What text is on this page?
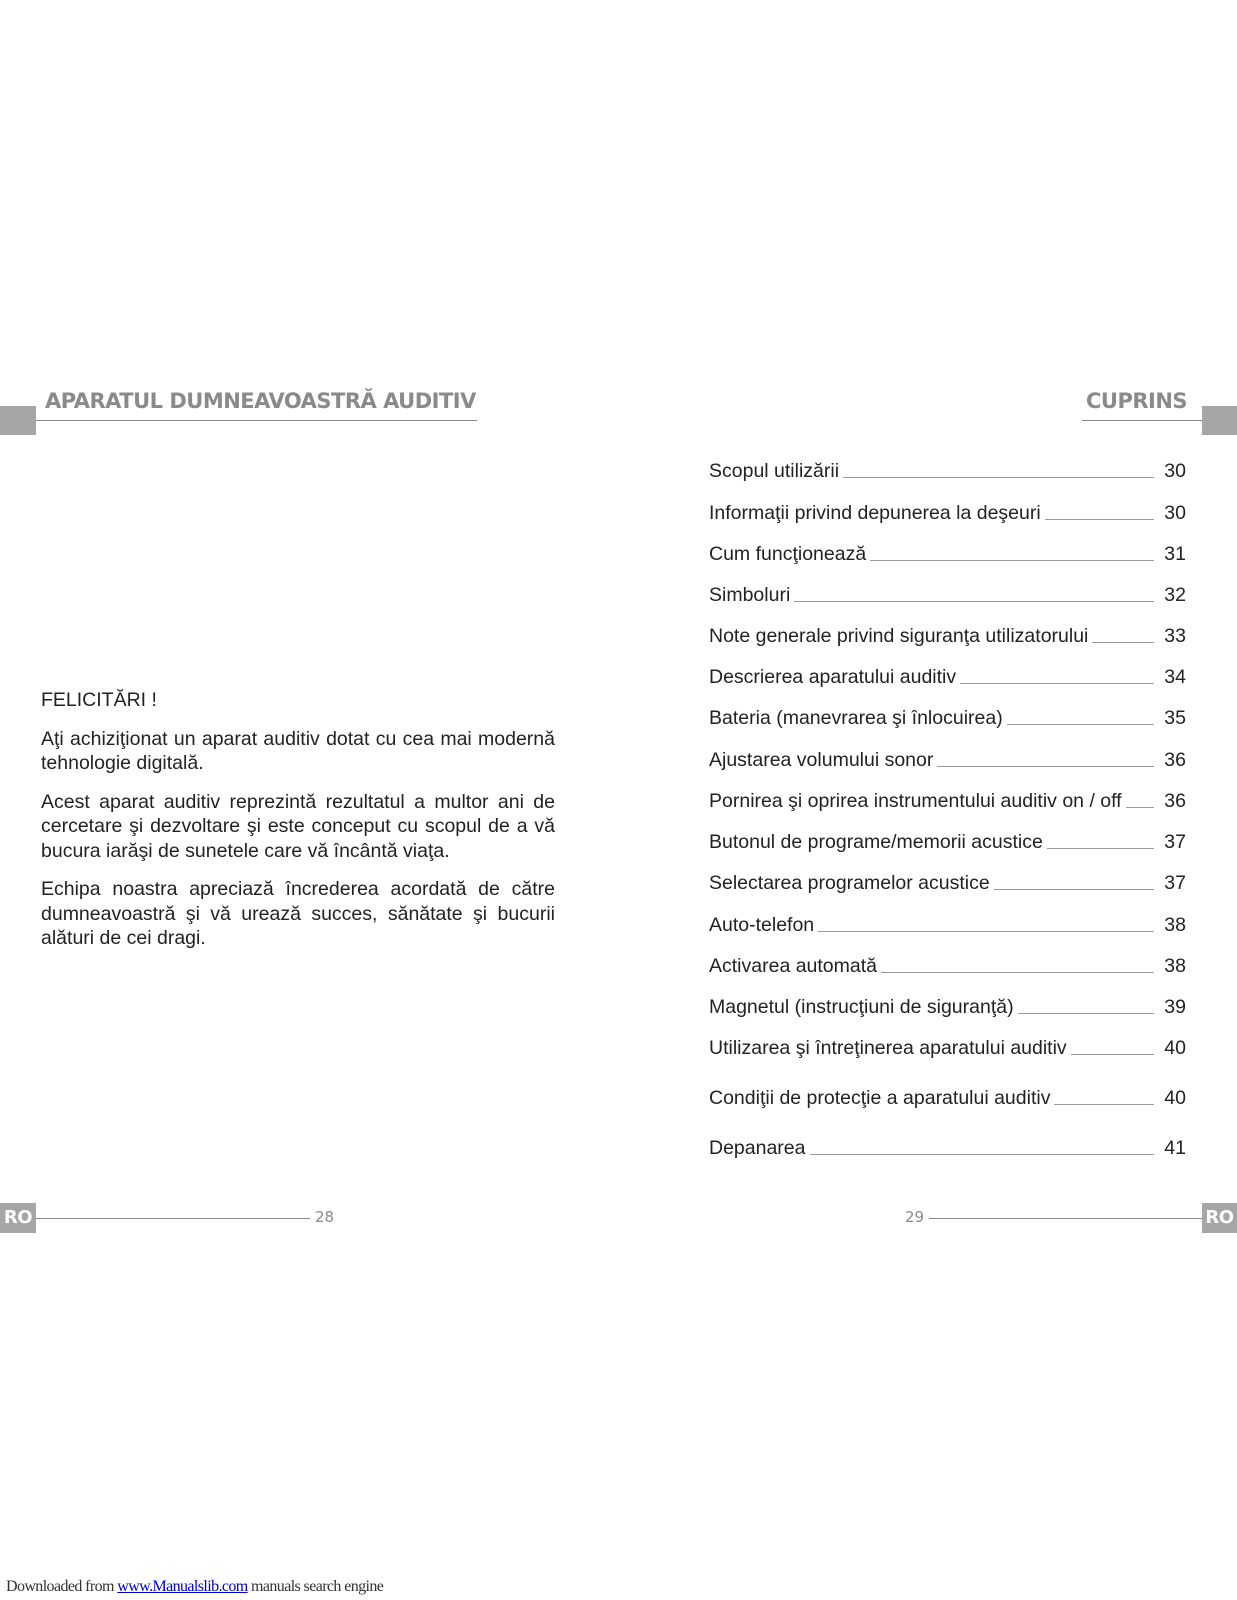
APARATUL DUMNEAVOASTRĂ AUDITIV	CUPRINS

FELICITĂRI !

Aţi achiziţionat un aparat auditiv dotat cu cea mai modernă tehnologie digitală.

Acest aparat auditiv reprezintă rezultatul a multor ani de cercetare şi dezvoltare şi este conceput cu scopul de a vă bucura iarăşi de sunetele care vă încântă viaţa.

Echipa noastra apreciază încrederea acordată de către dumneavoastră şi vă urează succes, sănătate şi bucurii alături de cei dragi.

Scopul utilizării	30
Informaţii privind depunerea la deşeuri	30
Cum funcţionează	31
Simboluri	32
Note generale privind siguranţa utilizatorului	33
Descrierea aparatului auditiv	34
Bateria (manevrarea şi înlocuirea)	35
Ajustarea volumului sonor	36
Pornirea şi oprirea instrumentului auditiv on / off 36
Butonul de programe/memorii acustice	37
Selectarea programelor acustice	37
Auto-telefon	38
Activarea automată	38
Magnetul (instrucţiuni de siguranţă)	39
Utilizarea şi întreţinerea aparatului auditiv	40
Condiţii de protecţie a aparatului auditiv	40
Depanarea	41
RO	28	29	RO
Downloaded from www.Manualslib.com manuals search engine
